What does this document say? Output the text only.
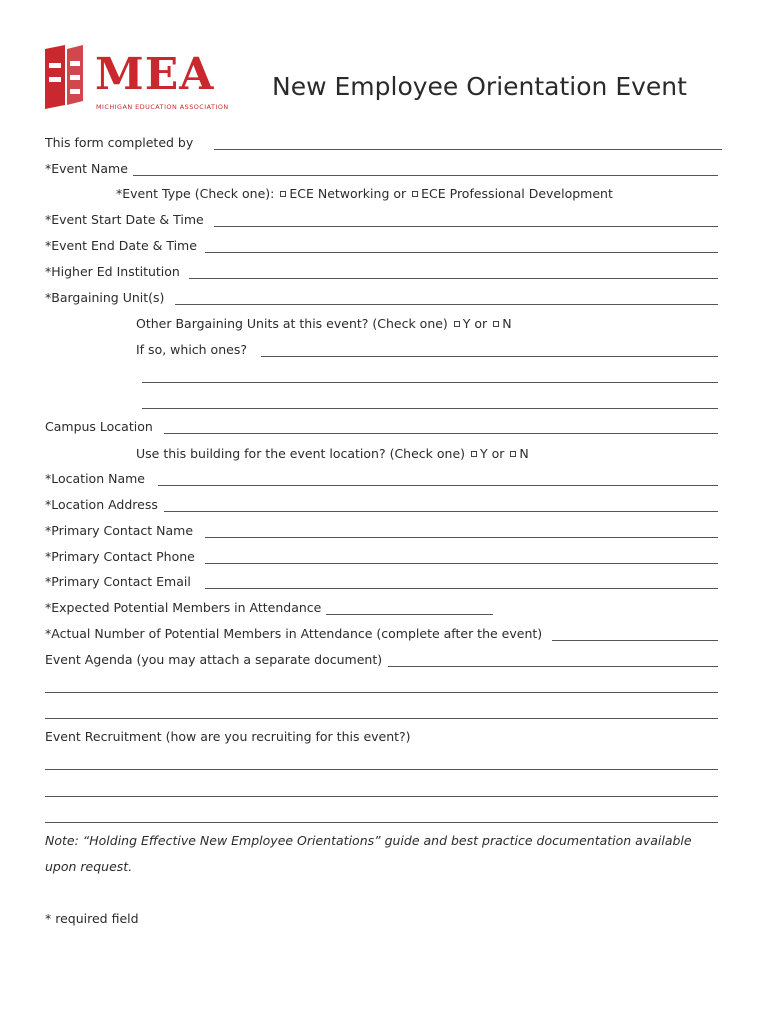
MEA
MICHIGAN EDUCATION ASSOCIATION
New Employee Orientation Event
This form completed by
*Event Name
*Event Type (Check one): ECE Networking or ECE Professional Development
*Event Start Date & Time
*Event End Date & Time
*Higher Ed Institution
*Bargaining Unit(s)
Other Bargaining Units at this event? (Check one) Y or N
If so, which ones?
Campus Location
Use this building for the event location? (Check one) Y or N
*Location Name
*Location Address
*Primary Contact Name
*Primary Contact Phone
*Primary Contact Email
*Expected Potential Members in Attendance
*Actual Number of Potential Members in Attendance (complete after the event)
Event Agenda (you may attach a separate document)
Event Recruitment (how are you recruiting for this event?)
Note: “Holding Effective New Employee Orientations” guide and best practice documentation available
upon request.
* required field
